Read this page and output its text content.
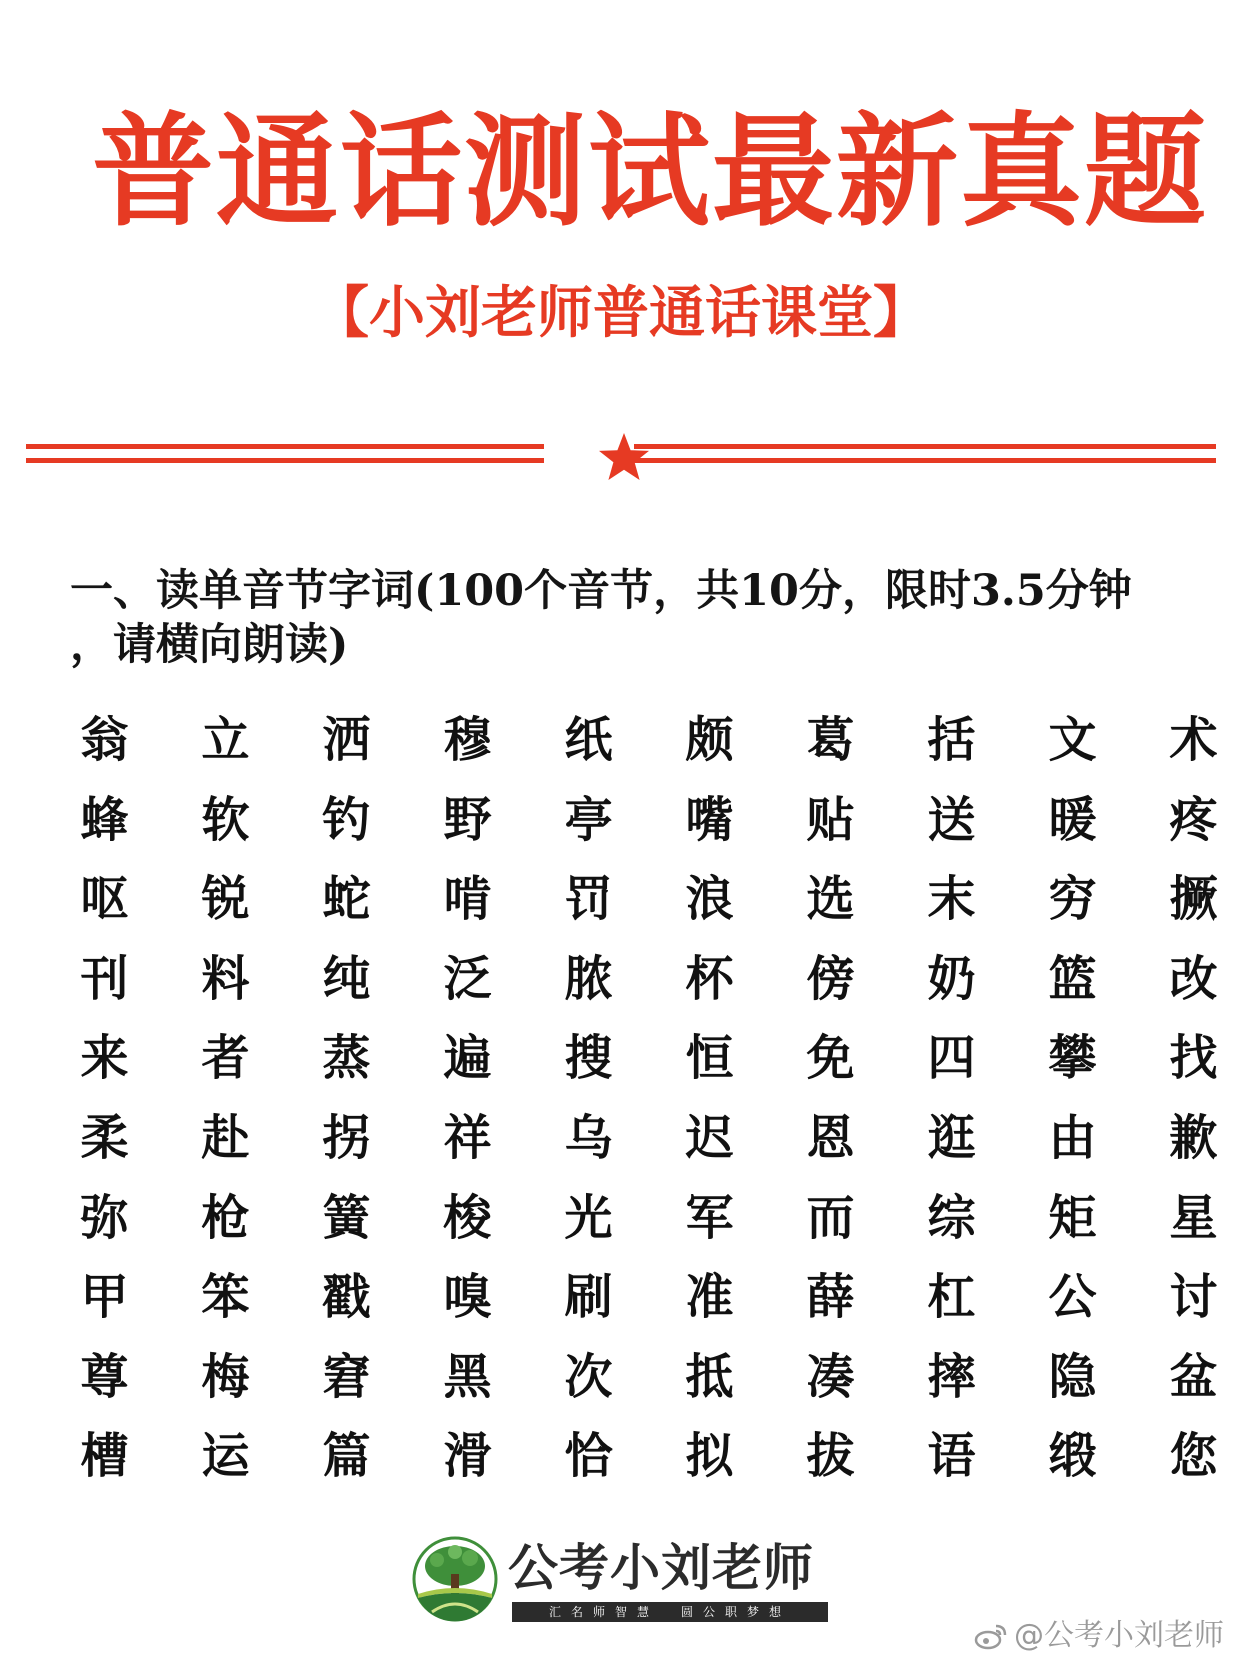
普通话测试最新真题
【小刘老师普通话课堂】
一、读单音节字词(100个音节，共10分，限时3.5分钟
，请横向朗读)
翁	立	洒	穆	纸	颇	葛	括	文	术
蜂	软	钓	野	亭	嘴	贴	送	暖	疼
呕	锐	蛇	啃	罚	浪	选	末	穷	撅
刊	料	纯	泛	脓	杯	傍	奶	篮	改
来	者	蒸	遍	搜	恒	免	四	攀	找
柔	赴	拐	祥	乌	迟	恩	逛	由	歉
弥	枪	簧	梭	光	军	而	综	矩	星
甲	笨	戳	嗅	刷	准	薛	杠	公	讨
尊	梅	窘	黑	次	抵	凑	摔	隐	盆
槽	运	篇	滑	恰	拟	拔	语	缎	您
公考小刘老师
汇名师智慧　圆公职梦想
@公考小刘老师
